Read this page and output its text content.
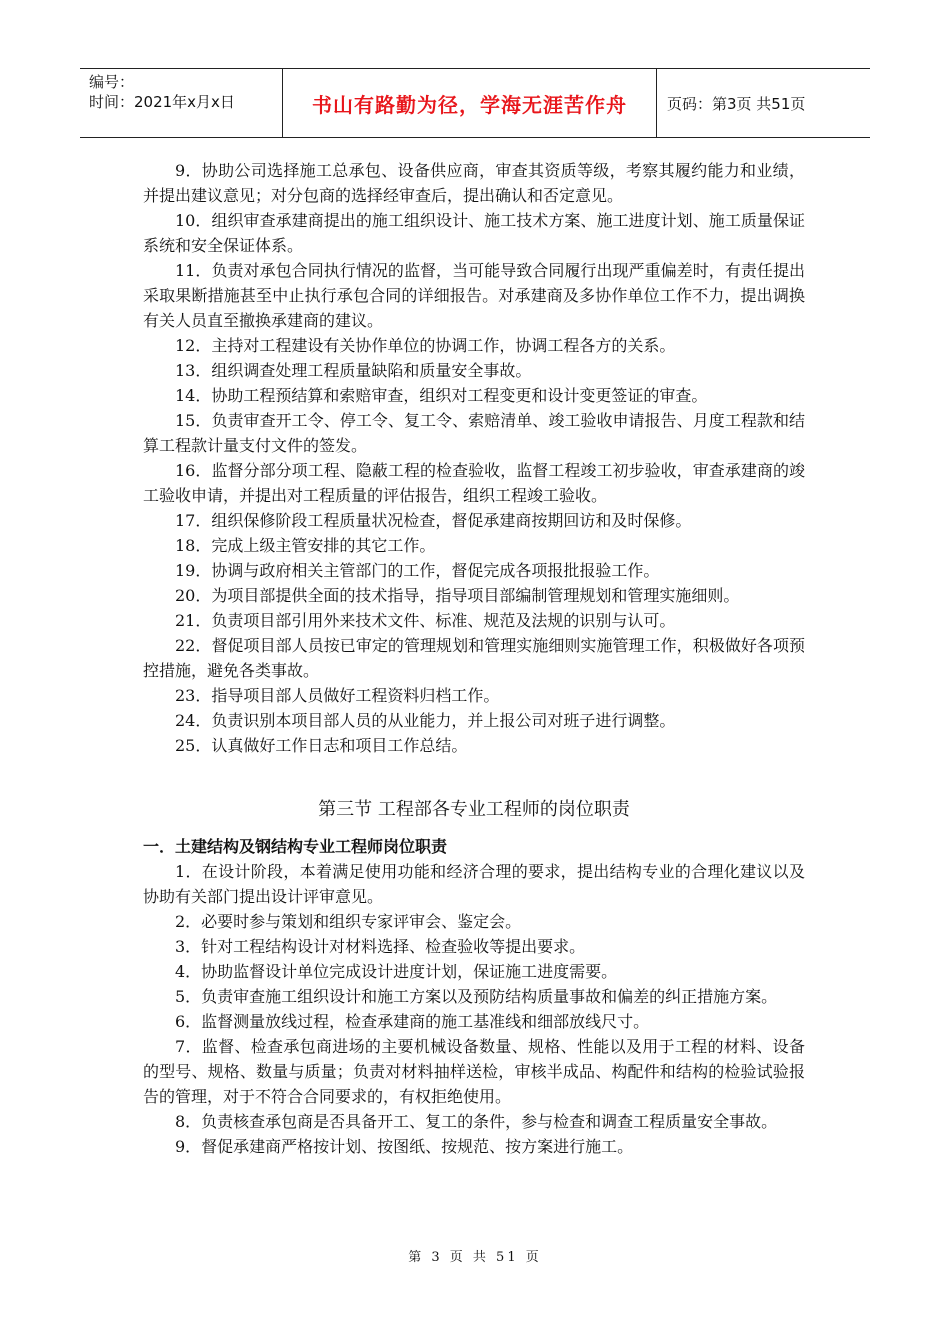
编号：
时间：2021年x月x日	书山有路勤为径，学海无涯苦作舟	页码：第3页 共51页

9．协助公司选择施工总承包、设备供应商，审查其资质等级，考察其履约能力和业绩，并提出建议意见；对分包商的选择经审查后，提出确认和否定意见。

10．组织审查承建商提出的施工组织设计、施工技术方案、施工进度计划、施工质量保证系统和安全保证体系。

11．负责对承包合同执行情况的监督，当可能导致合同履行出现严重偏差时，有责任提出采取果断措施甚至中止执行承包合同的详细报告。对承建商及多协作单位工作不力，提出调换有关人员直至撤换承建商的建议。

12．主持对工程建设有关协作单位的协调工作，协调工程各方的关系。

13．组织调查处理工程质量缺陷和质量安全事故。

14．协助工程预结算和索赔审查，组织对工程变更和设计变更签证的审查。

15．负责审查开工令、停工令、复工令、索赔清单、竣工验收申请报告、月度工程款和结算工程款计量支付文件的签发。

16．监督分部分项工程、隐蔽工程的检查验收，监督工程竣工初步验收，审查承建商的竣工验收申请，并提出对工程质量的评估报告，组织工程竣工验收。

17．组织保修阶段工程质量状况检查，督促承建商按期回访和及时保修。

18．完成上级主管安排的其它工作。

19．协调与政府相关主管部门的工作，督促完成各项报批报验工作。

20．为项目部提供全面的技术指导，指导项目部编制管理规划和管理实施细则。

21．负责项目部引用外来技术文件、标准、规范及法规的识别与认可。

22．督促项目部人员按已审定的管理规划和管理实施细则实施管理工作，积极做好各项预控措施，避免各类事故。

23．指导项目部人员做好工程资料归档工作。

24．负责识别本项目部人员的从业能力，并上报公司对班子进行调整。

25．认真做好工作日志和项目工作总结。

第三节 工程部各专业工程师的岗位职责
一．土建结构及钢结构专业工程师岗位职责

1．在设计阶段，本着满足使用功能和经济合理的要求，提出结构专业的合理化建议以及协助有关部门提出设计评审意见。

2．必要时参与策划和组织专家评审会、鉴定会。

3．针对工程结构设计对材料选择、检查验收等提出要求。

4．协助监督设计单位完成设计进度计划，保证施工进度需要。

5．负责审查施工组织设计和施工方案以及预防结构质量事故和偏差的纠正措施方案。

6．监督测量放线过程，检查承建商的施工基准线和细部放线尺寸。

7．监督、检查承包商进场的主要机械设备数量、规格、性能以及用于工程的材料、设备的型号、规格、数量与质量；负责对材料抽样送检，审核半成品、构配件和结构的检验试验报告的管理，对于不符合合同要求的，有权拒绝使用。

8．负责核查承包商是否具备开工、复工的条件，参与检查和调查工程质量安全事故。

9．督促承建商严格按计划、按图纸、按规范、按方案进行施工。

第 3 页 共 51 页
